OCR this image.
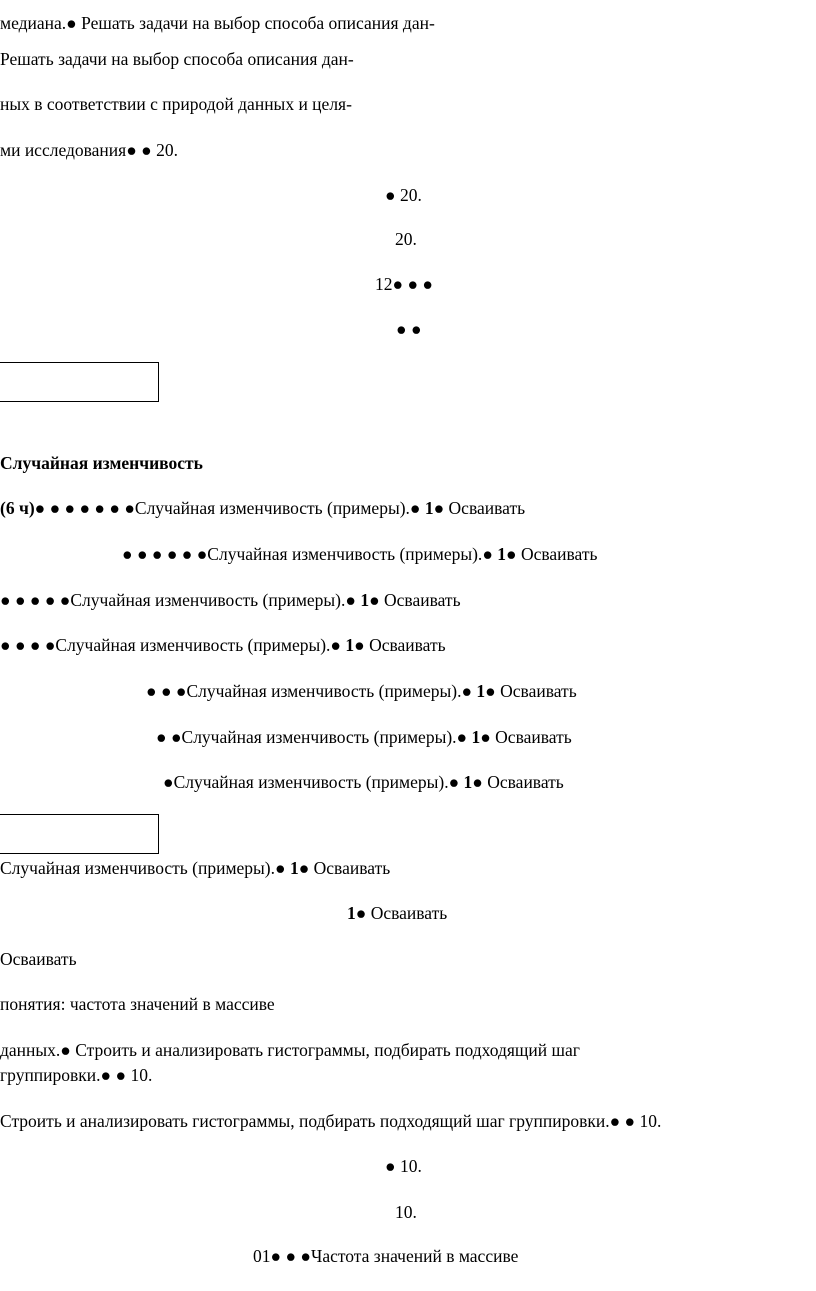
медиана.● Решать задачи на выбор способа описания дан-
Решать задачи на выбор способа описания дан-
ных в соответствии с природой данных и целя-
ми исследования● ● 20.
● 20.
20.
12● ● ●
● ●
Случайная изменчивость
(6 ч)● ● ● ● ● ● ●Случайная изменчивость (примеры).● 1● Осваивать
● ● ● ● ● ●Случайная изменчивость (примеры).● 1● Осваивать
● ● ● ● ●Случайная изменчивость (примеры).● 1● Осваивать
● ● ● ●Случайная изменчивость (примеры).● 1● Осваивать
● ● ●Случайная изменчивость (примеры).● 1● Осваивать
● ●Случайная изменчивость (примеры).● 1● Осваивать
●Случайная изменчивость (примеры).● 1● Осваивать
Случайная изменчивость (примеры).● 1● Осваивать
1● Осваивать
Осваивать
понятия: частота значений в массиве
данных.● Строить и анализировать гистограммы, подбирать подходящий шаг
группировки.● ● 10.
Строить и анализировать гистограммы, подбирать подходящий шаг группировки.● ● 10.
● 10.
10.
01● ● ●Частота значений в массиве
